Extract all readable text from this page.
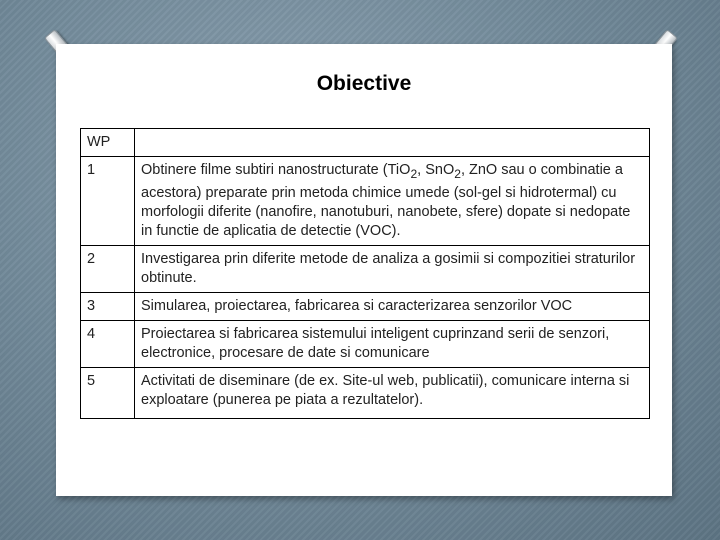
Obiective
WP	
1	Obtinere filme subtiri nanostructurate (TiO$_2$, SnO$_2$, ZnO sau o combinatie a acestora) preparate prin metoda chimice umede (sol-gel si hidrotermal) cu morfologii diferite (nanofire, nanotuburi, nanobete, sfere) dopate si nedopate in functie de aplicatia de detectie (VOC).
2	Investigarea prin diferite metode de analiza a gosimii si compozitiei straturilor obtinute.
3	Simularea, proiectarea, fabricarea si caracterizarea senzorilor VOC
4	Proiectarea si fabricarea sistemului inteligent cuprinzand serii de senzori, electronice, procesare de date si comunicare
5	Activitati de diseminare (de ex. Site-ul web, publicatii), comunicare interna si exploatare (punerea pe piata a rezultatelor).
